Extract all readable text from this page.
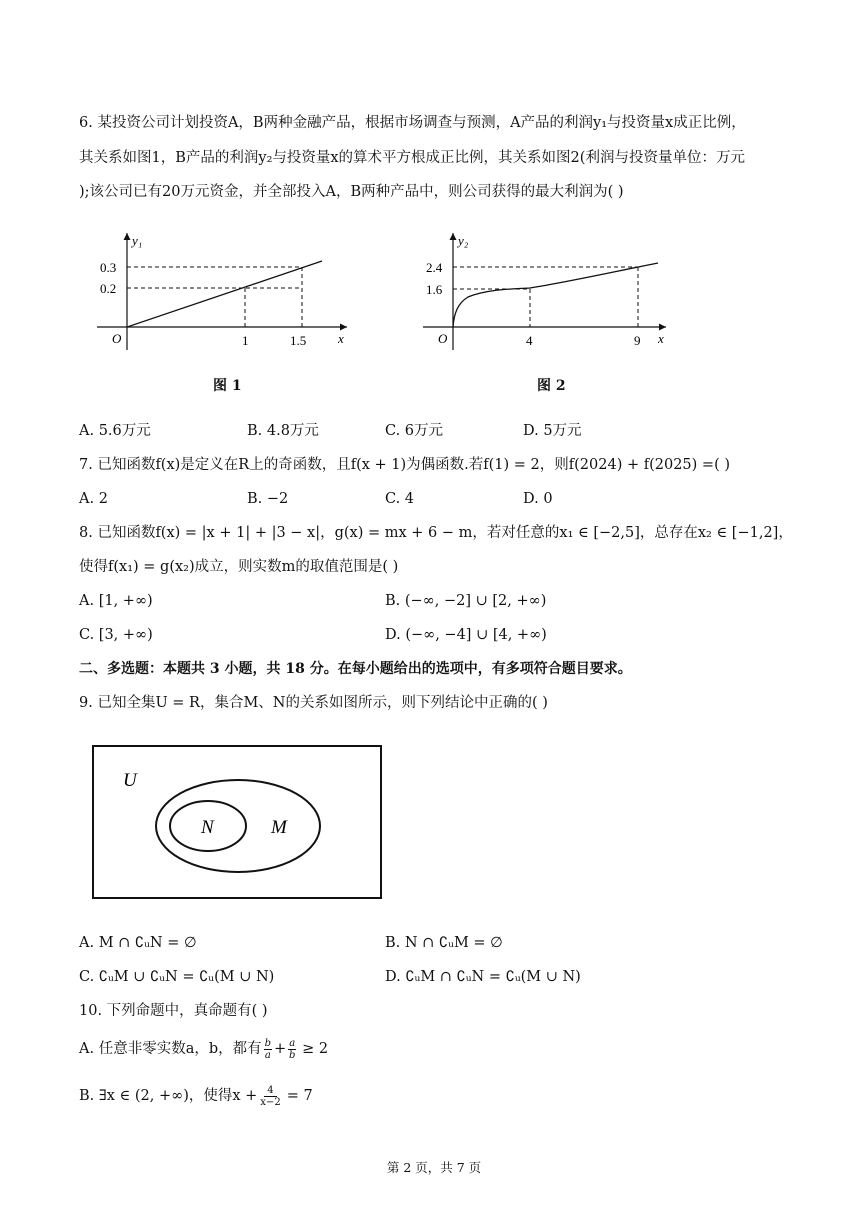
6. 某投资公司计划投资A，B两种金融产品，根据市场调查与预测，A产品的利润y₁与投资量x成正比例，
其关系如图1，B产品的利润y₂与投资量x的算术平方根成正比例，其关系如图2(利润与投资量单位：万元
);该公司已有20万元资金，并全部投入A，B两种产品中，则公司获得的最大利润为( )
y₁
0.3
0.2
O	1	1.5 x
图 1
y₂
2.4
1.6
O	4	9 x
图 2
A. 5.6万元	B. 4.8万元	C. 6万元	D. 5万元
7. 已知函数f(x)是定义在R上的奇函数，且f(x + 1)为偶函数.若f(1) = 2，则f(2024) + f(2025) =( )
A. 2	B. −2	C. 4	D. 0
8. 已知函数f(x) = |x + 1| + |3 − x|，g(x) = mx + 6 − m，若对任意的x₁ ∈ [−2,5]，总存在x₂ ∈ [−1,2]，
使得f(x₁) = g(x₂)成立，则实数m的取值范围是( )
A. [1, +∞)	B. (−∞, −2] ∪ [2, +∞)
C. [3, +∞)	D. (−∞, −4] ∪ [4, +∞)
二、多选题：本题共 3 小题，共 18 分。在每小题给出的选项中，有多项符合题目要求。
9. 已知全集U = R，集合M、N的关系如图所示，则下列结论中正确的( )
U
N	M
A. M ∩ ∁ᵤN = ∅	B. N ∩ ∁ᵤM = ∅
C. ∁ᵤM ∪ ∁ᵤN = ∁ᵤ(M ∪ N)	D. ∁ᵤM ∩ ∁ᵤN = ∁ᵤ(M ∪ N)
10. 下列命题中，真命题有( )
A. 任意非零实数a，b，都有 $\frac{b}{a} + \frac{a}{b} \ge 2$
B. ∃x ∈ (2, +∞)，使得$x + \frac{4}{x-2} = 7$
第 2 页，共 7 页
